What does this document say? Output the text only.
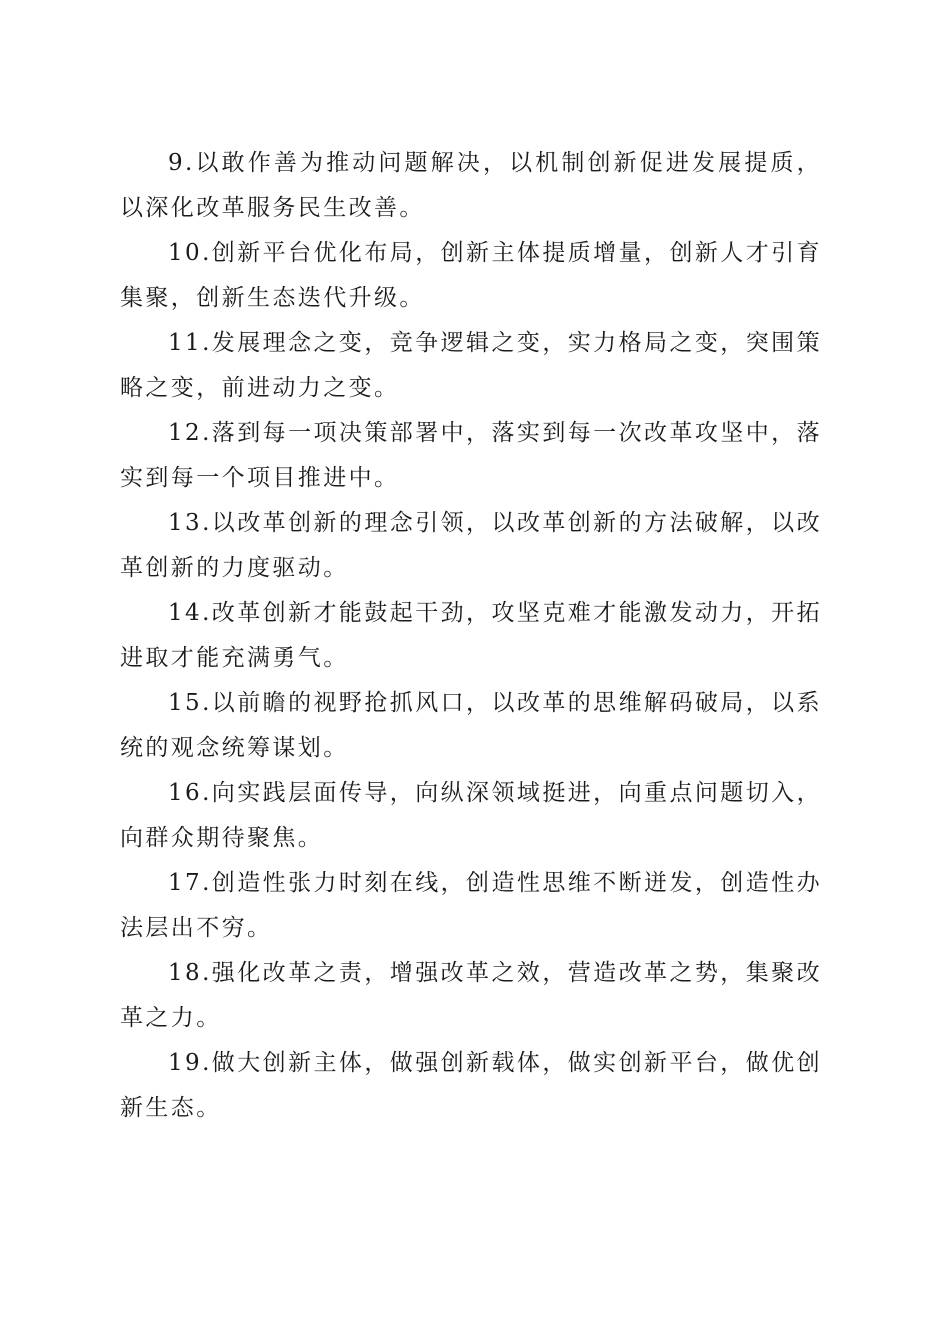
9.以敢作善为推动问题解决，以机制创新促进发展提质，以深化改革服务民生改善。

10.创新平台优化布局，创新主体提质增量，创新人才引育集聚，创新生态迭代升级。

11.发展理念之变，竞争逻辑之变，实力格局之变，突围策略之变，前进动力之变。

12.落到每一项决策部署中，落实到每一次改革攻坚中，落实到每一个项目推进中。

13.以改革创新的理念引领，以改革创新的方法破解，以改革创新的力度驱动。

14.改革创新才能鼓起干劲，攻坚克难才能激发动力，开拓进取才能充满勇气。

15.以前瞻的视野抢抓风口，以改革的思维解码破局，以系统的观念统筹谋划。

16.向实践层面传导，向纵深领域挺进，向重点问题切入，向群众期待聚焦。

17.创造性张力时刻在线，创造性思维不断迸发，创造性办法层出不穷。

18.强化改革之责，增强改革之效，营造改革之势，集聚改革之力。

19.做大创新主体，做强创新载体，做实创新平台，做优创新生态。
